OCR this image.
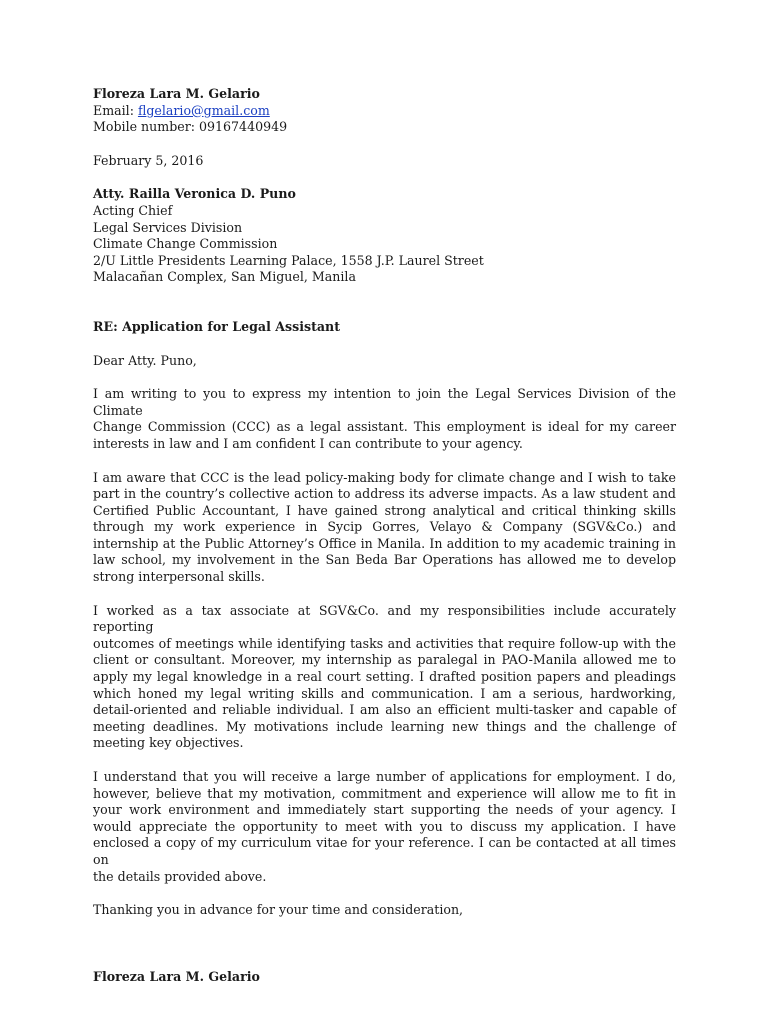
Floreza Lara M. Gelario
Email: flgelario@gmail.com
Mobile number: 09167440949
February 5, 2016
Atty. Railla Veronica D. Puno
Acting Chief
Legal Services Division
Climate Change Commission
2/U Little Presidents Learning Palace, 1558 J.P. Laurel Street
Malacañan Complex, San Miguel, Manila
RE: Application for Legal Assistant
Dear Atty. Puno,

I am writing to you to express my intention to join the Legal Services Division of the Climate
Change Commission (CCC) as a legal assistant. This employment is ideal for my career
interests in law and I am confident I can contribute to your agency.

I am aware that CCC is the lead policy-making body for climate change and I wish to take
part in the country’s collective action to address its adverse impacts. As a law student and
Certified Public Accountant, I have gained strong analytical and critical thinking skills
through my work experience in Sycip Gorres, Velayo & Company (SGV&Co.) and
internship at the Public Attorney’s Office in Manila. In addition to my academic training in
law school, my involvement in the San Beda Bar Operations has allowed me to develop
strong interpersonal skills.

I worked as a tax associate at SGV&Co. and my responsibilities include accurately reporting
outcomes of meetings while identifying tasks and activities that require follow-up with the
client or consultant. Moreover, my internship as paralegal in PAO-Manila allowed me to
apply my legal knowledge in a real court setting. I drafted position papers and pleadings
which honed my legal writing skills and communication. I am a serious, hardworking,
detail-oriented and reliable individual. I am also an efficient multi-tasker and capable of
meeting deadlines. My motivations include learning new things and the challenge of
meeting key objectives.

I understand that you will receive a large number of applications for employment. I do,
however, believe that my motivation, commitment and experience will allow me to fit in
your work environment and immediately start supporting the needs of your agency. I
would appreciate the opportunity to meet with you to discuss my application. I have
enclosed a copy of my curriculum vitae for your reference. I can be contacted at all times on
the details provided above.

Thanking you in advance for your time and consideration,
Floreza Lara M. Gelario
